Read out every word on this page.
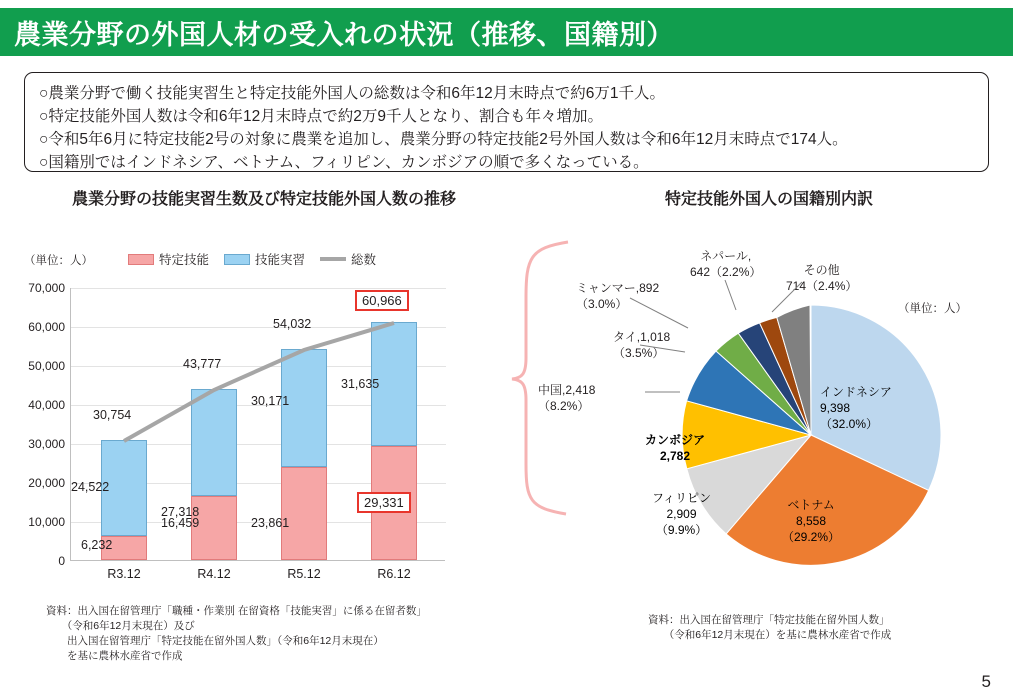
農業分野の外国人材の受入れの状況（推移、国籍別）
○農業分野で働く技能実習生と特定技能外国人の総数は令和6年12月末時点で約6万1千人。
○特定技能外国人数は令和6年12月末時点で約2万9千人となり、割合も年々増加。
○令和5年6月に特定技能2号の対象に農業を追加し、農業分野の特定技能2号外国人数は令和6年12月末時点で174人。
○国籍別ではインドネシア、ベトナム、フィリピン、カンボジアの順で多くなっている。
農業分野の技能実習生数及び特定技能外国人数の推移	特定技能外国人の国籍別内訳
（単位：人）	特定技能	技能実習	総数
70,000
60,000
50,000
40,000
30,000
20,000
10,000
0
R3.12	R4.12	R5.12	R6.12
30,754
43,777
54,032
60,966
24,522
27,318
30,171
31,635
6,232
16,459	23,861
29,331
資料：出入国在留管理庁「職種・作業別 在留資格「技能実習」に係る在留者数」
　　（令和6年12月末現在）及び
　　出入国在留管理庁「特定技能在留外国人数」（令和6年12月末現在）
　　を基に農林水産省で作成
（単位：人）
インドネシア
9,398
（32.0%）
ベトナム
8,558
（29.2%）
フィリピン
2,909
（9.9%）
カンボジア
2,782
中国,2,418
（8.2%）
タイ,1,018
（3.5%）
ミャンマー,892
（3.0%）
ネパール,
642（2.2%）	その他
714（2.4%）
資料：出入国在留管理庁「特定技能在留外国人数」
　　（令和6年12月末現在）を基に農林水産省で作成
5
